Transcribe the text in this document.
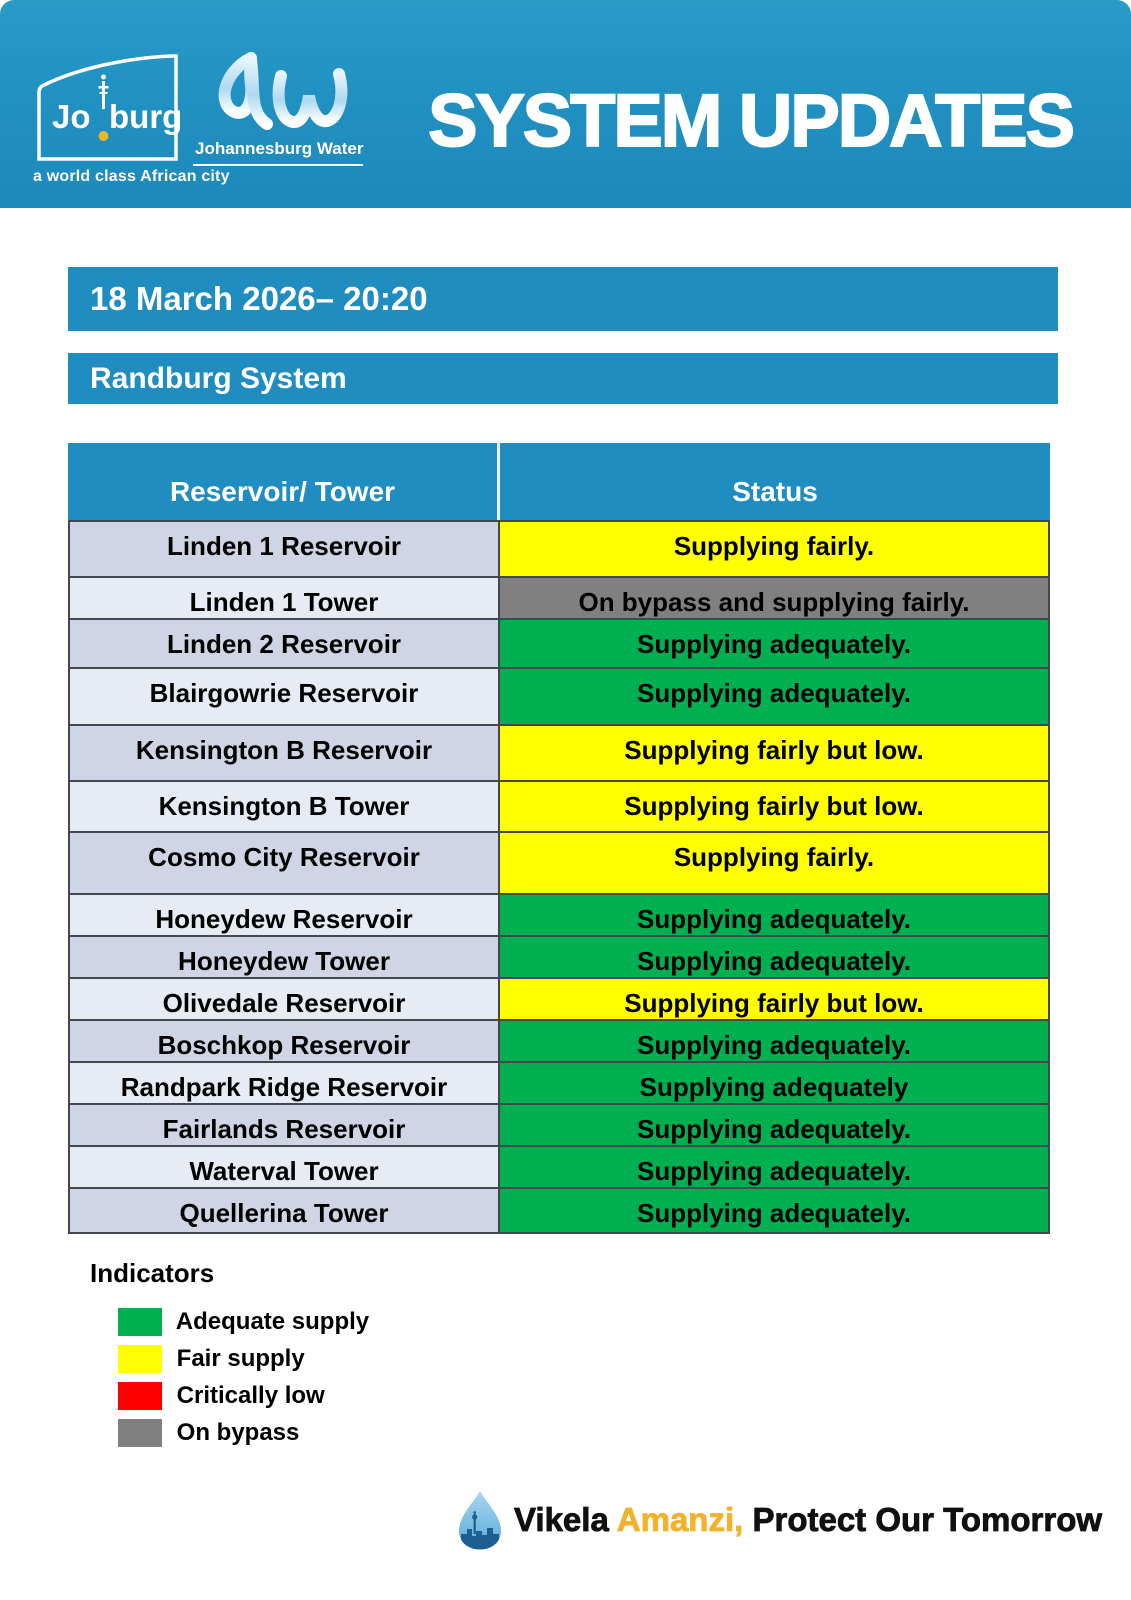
Jo burg
a world class African city
Johannesburg Water SYSTEM UPDATES
18 March 2026– 20:20
Randburg System
Reservoir/ Tower	Status
Linden 1 Reservoir	Supplying fairly.
Linden 1 Tower	On bypass and supplying fairly.
Linden 2 Reservoir	Supplying adequately.
Blairgowrie Reservoir	Supplying adequately.
Kensington B Reservoir	Supplying fairly but low.
Kensington B Tower	Supplying fairly but low.
Cosmo City Reservoir	Supplying fairly.
Honeydew Reservoir	Supplying adequately.
Honeydew Tower	Supplying adequately.
Olivedale Reservoir	Supplying fairly but low.
Boschkop Reservoir	Supplying adequately.
Randpark Ridge Reservoir	Supplying adequately
Fairlands Reservoir	Supplying adequately.
Waterval Tower	Supplying adequately.
Quellerina Tower	Supplying adequately.
Indicators
Adequate supply
Fair supply
Critically low
On bypass
Vikela Amanzi, Protect Our Tomorrow
